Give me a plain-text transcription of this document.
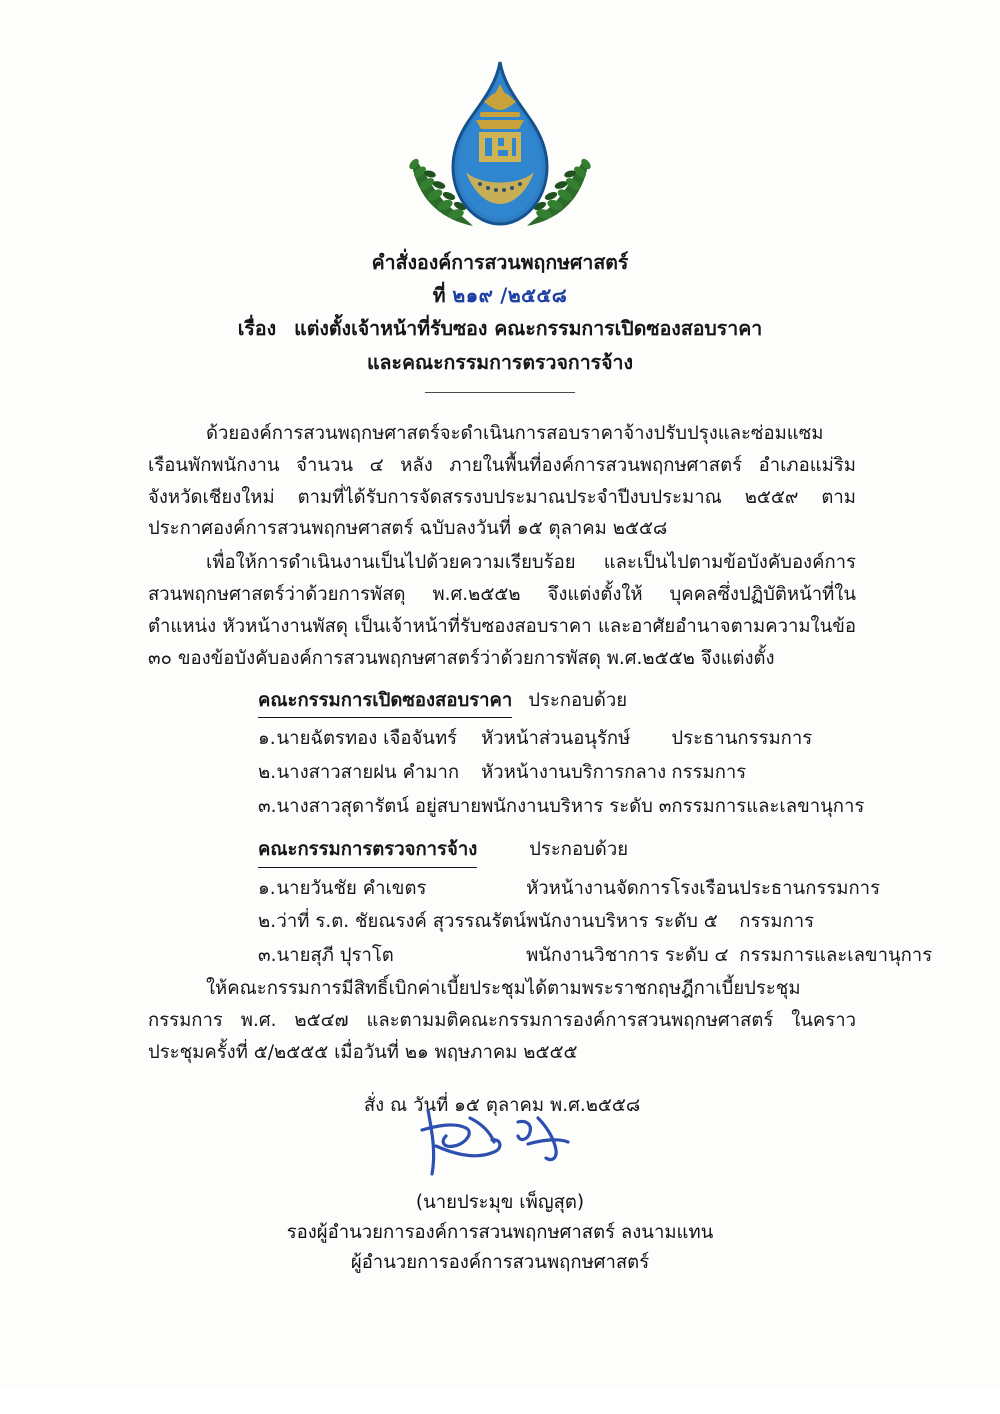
คำสั่งองค์การสวนพฤกษศาสตร์
ที่ ๒๑๙ /๒๕๕๘
เรื่อง แต่งตั้งเจ้าหน้าที่รับซอง คณะกรรมการเปิดซองสอบราคา
และคณะกรรมการตรวจการจ้าง

ด้วยองค์การสวนพฤกษศาสตร์จะดำเนินการสอบราคาจ้างปรับปรุงและซ่อมแซมเรือนพักพนักงาน จำนวน ๔ หลัง ภายในพื้นที่องค์การสวนพฤกษศาสตร์ อำเภอแม่ริม จังหวัดเชียงใหม่ ตามที่ได้รับการจัดสรรงบประมาณประจำปีงบประมาณ ๒๕๕๙ ตามประกาศองค์การสวนพฤกษศาสตร์ ฉบับลงวันที่ ๑๕ ตุลาคม ๒๕๕๘

เพื่อให้การดำเนินงานเป็นไปด้วยความเรียบร้อย และเป็นไปตามข้อบังคับองค์การสวนพฤกษศาสตร์ว่าด้วยการพัสดุ พ.ศ.๒๕๕๒ จึงแต่งตั้งให้ บุคคลซึ่งปฏิบัติหน้าที่ในตำแหน่ง หัวหน้างานพัสดุ เป็นเจ้าหน้าที่รับซองสอบราคา และอาศัยอำนาจตามความในข้อ ๓๐ ของข้อบังคับองค์การสวนพฤกษศาสตร์ว่าด้วยการพัสดุ พ.ศ.๒๕๕๒ จึงแต่งตั้ง

คณะกรรมการเปิดซองสอบราคา ประกอบด้วย
๑.	นายฉัตรทอง เจือจันทร์	หัวหน้าส่วนอนุรักษ์	ประธานกรรมการ
๒.	นางสาวสายฝน คำมาก	หัวหน้างานบริการกลาง	กรรมการ
๓.	นางสาวสุดารัตน์ อยู่สบาย	พนักงานบริหาร ระดับ ๓	กรรมการและเลขานุการ
คณะกรรมการตรวจการจ้าง	ประกอบด้วย
๑.	นายวันชัย คำเขตร	หัวหน้างานจัดการโรงเรือน	ประธานกรรมการ
๒.	ว่าที่ ร.ต. ชัยณรงค์ สุวรรณรัตน์	พนักงานบริหาร ระดับ ๕	กรรมการ
๓.	นายสุภี ปุราโต	พนักงานวิชาการ ระดับ ๔	กรรมการและเลขานุการ

ให้คณะกรรมการมีสิทธิ์เบิกค่าเบี้ยประชุมได้ตามพระราชกฤษฎีกาเบี้ยประชุมกรรมการ พ.ศ. ๒๕๔๗ และตามมติคณะกรรมการองค์การสวนพฤกษศาสตร์ ในคราวประชุมครั้งที่ ๕/๒๕๕๕ เมื่อวันที่ ๒๑ พฤษภาคม ๒๕๕๕

สั่ง ณ วันที่ ๑๕ ตุลาคม พ.ศ.๒๕๕๘
(นายประมุข เพ็ญสุต)
รองผู้อำนวยการองค์การสวนพฤกษศาสตร์ ลงนามแทน
ผู้อำนวยการองค์การสวนพฤกษศาสตร์
